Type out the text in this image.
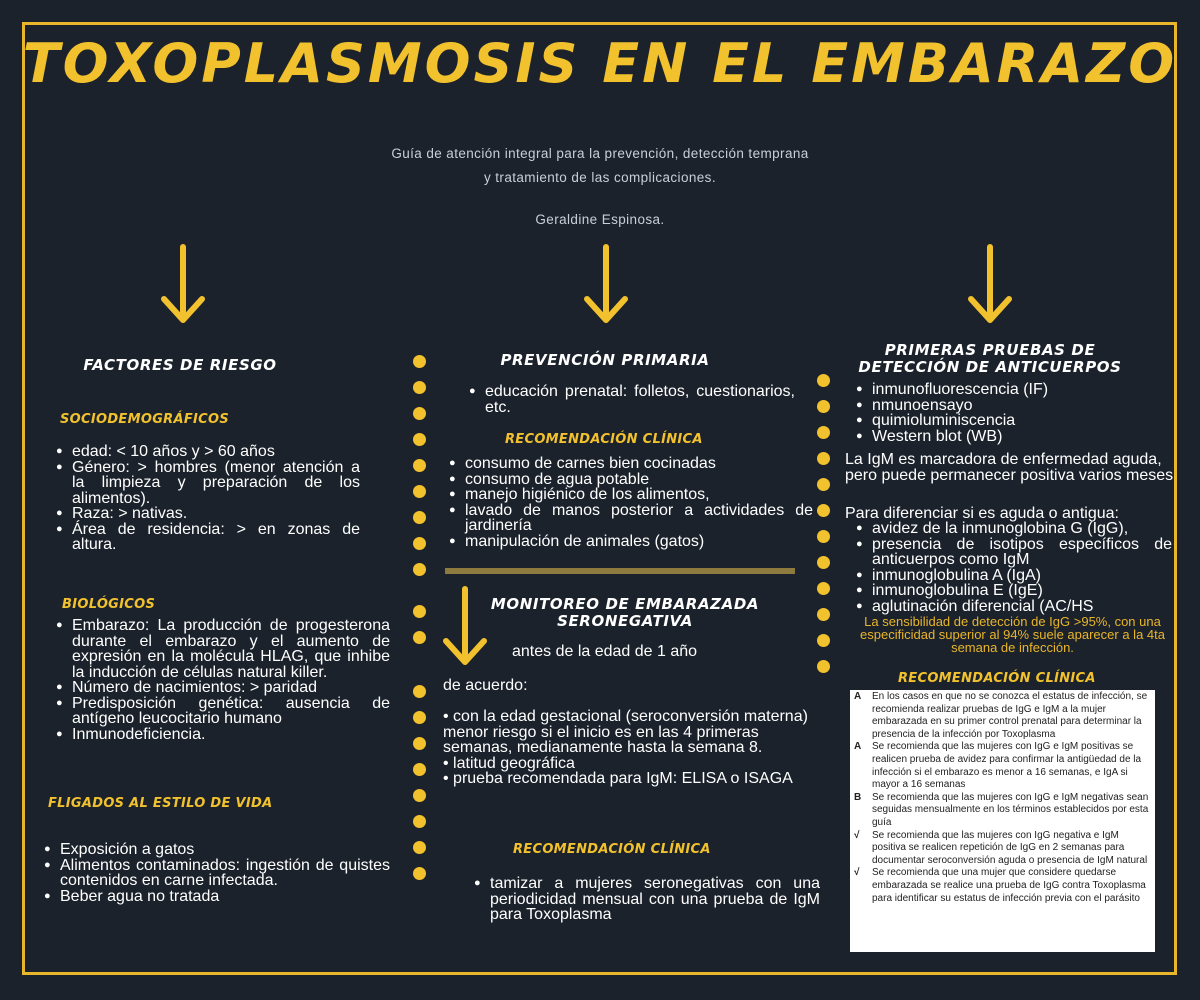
TOXOPLASMOSIS EN EL EMBARAZO
Guía de atención integral para la prevención, detección temprana
y tratamiento de las complicaciones.
Geraldine Espinosa.
FACTORES DE RIESGO
SOCIODEMOGRÁFICOS
● edad: < 10 años y > 60 años
● Género: > hombres (menor atención a la limpieza y preparación de los alimentos).
● Raza: > nativas.
● Área de residencia: > en zonas de altura.
BIOLÓGICOS
● Embarazo: La producción de progesterona durante el embarazo y el aumento de expresión en la molécula HLAG, que inhibe la inducción de células natural killer.
● Número de nacimientos: > paridad
● Predisposición genética: ausencia de antígeno leucocitario humano
● Inmunodeficiencia.
FLIGADOS AL ESTILO DE VIDA
● Exposición a gatos
● Alimentos contaminados: ingestión de quistes contenidos en carne infectada.
● Beber agua no tratada
PREVENCIÓN PRIMARIA
● educación prenatal: folletos, cuestionarios, etc.
RECOMENDACIÓN CLÍNICA
● consumo de carnes bien cocinadas
● consumo de agua potable
● manejo higiénico de los alimentos,
● lavado de manos posterior a actividades de jardinería
● manipulación de animales (gatos)
MONITOREO DE EMBARAZADA
SERONEGATIVA
antes de la edad de 1 año
de acuerdo:
• con la edad gestacional (seroconversión materna)
menor riesgo si el inicio es en las 4 primeras semanas, medianamente hasta la semana 8.
• latitud geográfica
• prueba recomendada para IgM: ELISA o ISAGA
RECOMENDACIÓN CLÍNICA
● tamizar a mujeres seronegativas con una periodicidad mensual con una prueba de IgM para Toxoplasma
PRIMERAS PRUEBAS DE
DETECCIÓN DE ANTICUERPOS
● inmunofluorescencia (IF)
● nmunoensayo
● quimioluminiscencia
● Western blot (WB)
La IgM es marcadora de enfermedad aguda, pero puede permanecer positiva varios meses
Para diferenciar si es aguda o antigua:
● avidez de la inmunoglobina G (IgG),
● presencia de isotipos específicos de anticuerpos como IgM
● inmunoglobulina A (IgA)
● inmunoglobulina E (IgE)
● aglutinación diferencial (AC/HS
La sensibilidad de detección de IgG >95%, con una especificidad superior al 94% suele aparecer a la 4ta semana de infección.
RECOMENDACIÓN CLÍNICA
A	En los casos en que no se conozca el estatus de infección, se recomienda realizar pruebas de IgG e IgM a la mujer embarazada en su primer control prenatal para determinar la presencia de la infección por Toxoplasma
A	Se recomienda que las mujeres con IgG e IgM positivas se realicen prueba de avidez para confirmar la antigüedad de la infección si el embarazo es menor a 16 semanas, e IgA si mayor a 16 semanas
B	Se recomienda que las mujeres con IgG e IgM negativas sean seguidas mensualmente en los términos establecidos por esta guía
√	Se recomienda que las mujeres con IgG negativa e IgM positiva se realicen repetición de IgG en 2 semanas para documentar seroconversión aguda o presencia de IgM natural
√	Se recomienda que una mujer que considere quedarse embarazada se realice una prueba de IgG contra Toxoplasma para identificar su estatus de infección previa con el parásito
